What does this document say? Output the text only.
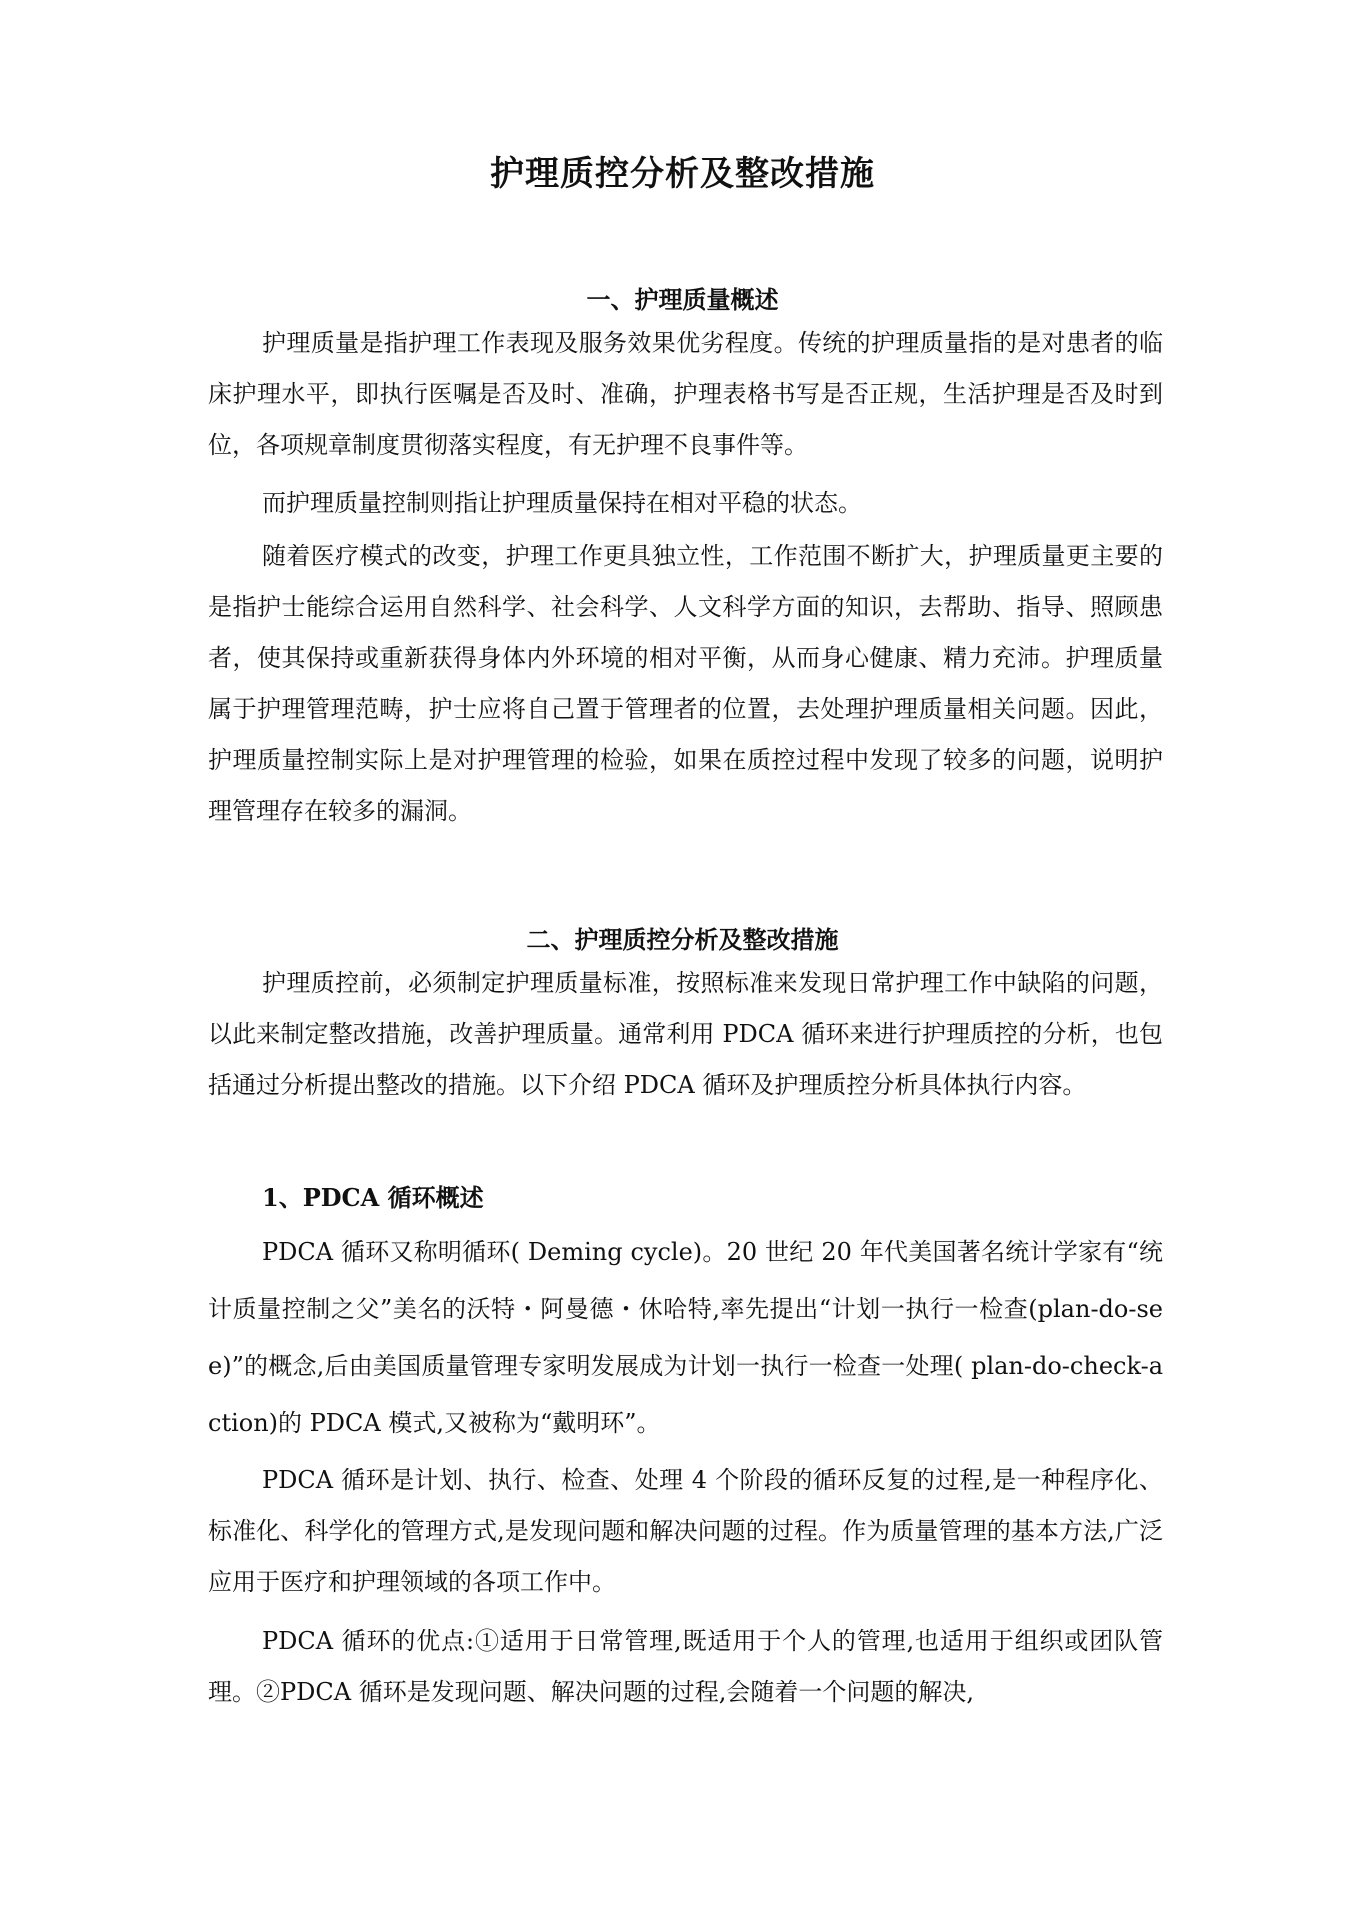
护理质控分析及整改措施
一、护理质量概述

护理质量是指护理工作表现及服务效果优劣程度。传统的护理质量指的是对患者的临床护理水平，即执行医嘱是否及时、准确，护理表格书写是否正规，生活护理是否及时到位，各项规章制度贯彻落实程度，有无护理不良事件等。

而护理质量控制则指让护理质量保持在相对平稳的状态。

随着医疗模式的改变，护理工作更具独立性，工作范围不断扩大，护理质量更主要的是指护士能综合运用自然科学、社会科学、人文科学方面的知识，去帮助、指导、照顾患者，使其保持或重新获得身体内外环境的相对平衡，从而身心健康、精力充沛。护理质量属于护理管理范畴，护士应将自己置于管理者的位置，去处理护理质量相关问题。因此，护理质量控制实际上是对护理管理的检验，如果在质控过程中发现了较多的问题，说明护理管理存在较多的漏洞。

二、护理质控分析及整改措施

护理质控前，必须制定护理质量标准，按照标准来发现日常护理工作中缺陷的问题，以此来制定整改措施，改善护理质量。通常利用 PDCA 循环来进行护理质控的分析，也包括通过分析提出整改的措施。以下介绍 PDCA 循环及护理质控分析具体执行内容。

1、PDCA 循环概述

PDCA 循环又称明循环( Deming cycle)。20 世纪 20 年代美国著名统计学家有“统计质量控制之父”美名的沃特・阿曼德・休哈特,率先提出“计划一执行一检查(plan-do-see)”的概念,后由美国质量管理专家明发展成为计划一执行一检查一处理( plan-do-check-action)的 PDCA 模式,又被称为“戴明环”。

PDCA 循环是计划、执行、检查、处理 4 个阶段的循环反复的过程,是一种程序化、标准化、科学化的管理方式,是发现问题和解决问题的过程。作为质量管理的基本方法,广泛应用于医疗和护理领域的各项工作中。

PDCA 循环的优点:①适用于日常管理,既适用于个人的管理,也适用于组织或团队管理。②PDCA 循环是发现问题、解决问题的过程,会随着一个问题的解决,
